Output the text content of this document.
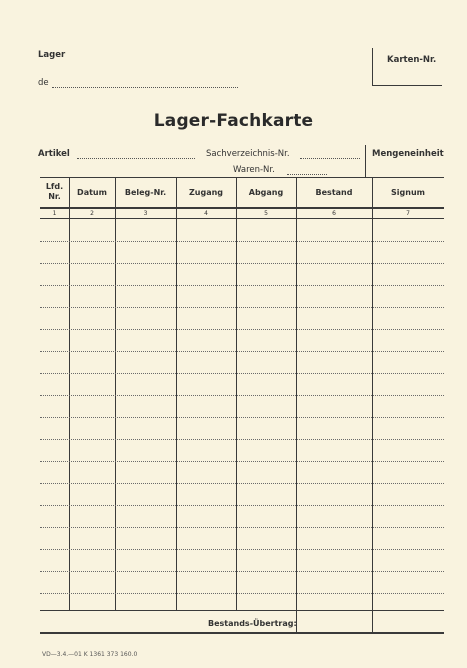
Lager
de
Karten-Nr.
Lager-Fachkarte
Artikel	Sachverzeichnis-Nr.
Waren-Nr.
Mengeneinheit
Lfd. Nr.	Datum	Beleg-Nr.	Zugang	Abgang	Bestand	Signum
1	2	3	4	5	6	7
Bestands-Übertrag:
VD—3.4.—01 K 1361 373 160.0
